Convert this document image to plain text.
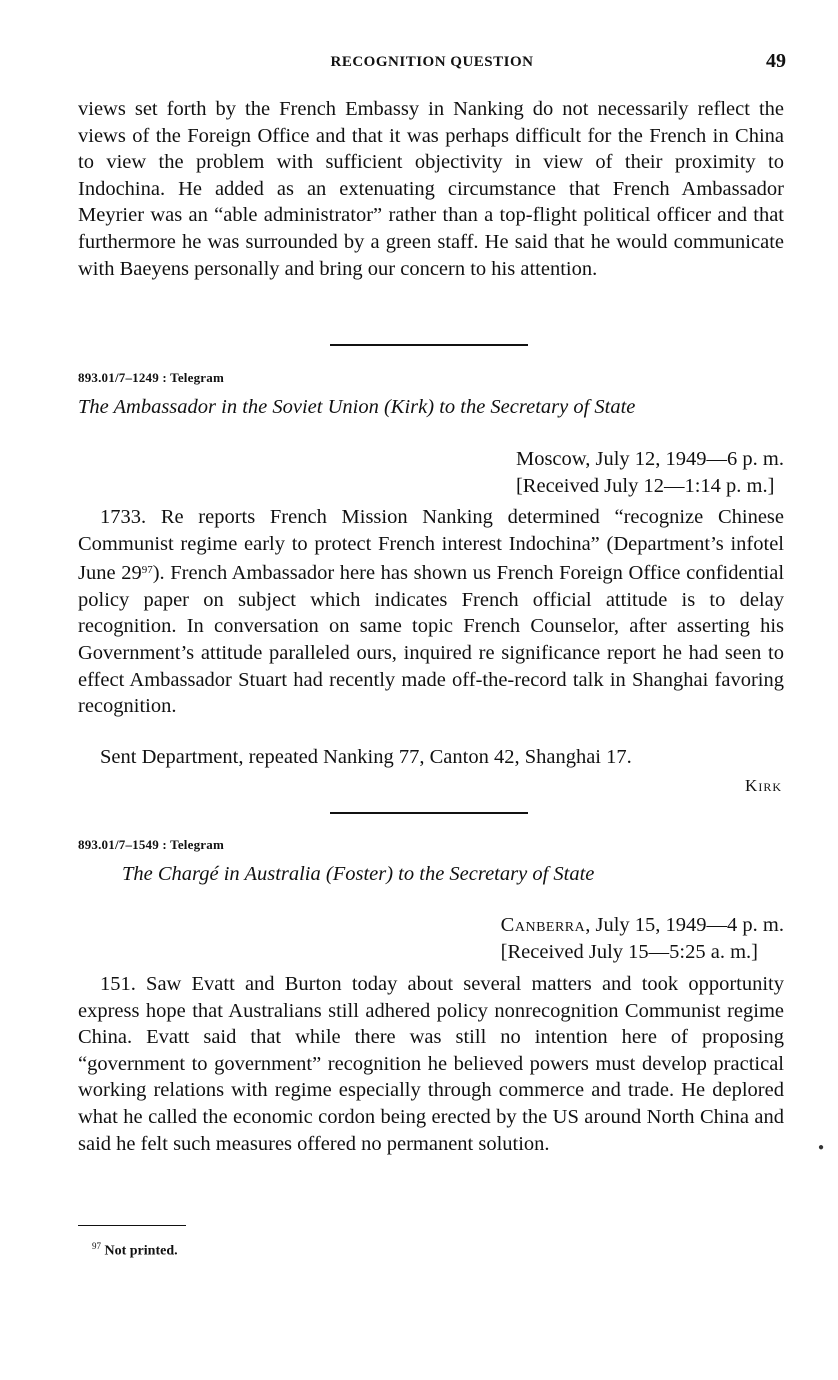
RECOGNITION QUESTION	49

views set forth by the French Embassy in Nanking do not necessarily reflect the views of the Foreign Office and that it was perhaps difficult for the French in China to view the problem with sufficient objectivity in view of their proximity to Indochina. He added as an extenuating circumstance that French Ambassador Meyrier was an “able administrator” rather than a top-flight political officer and that furthermore he was surrounded by a green staff. He said that he would communicate with Baeyens personally and bring our concern to his attention.

893.01/7–1249 : Telegram
The Ambassador in the Soviet Union (Kirk) to the Secretary of State
Moscow, July 12, 1949—6 p. m.
[Received July 12—1:14 p. m.]

1733. Re reports French Mission Nanking determined “recognize Chinese Communist regime early to protect French interest Indochina” (Department’s infotel June $29^{97}$). French Ambassador here has shown us French Foreign Office confidential policy paper on subject which indicates French official attitude is to delay recognition. In conversation on same topic French Counselor, after asserting his Government’s attitude paralleled ours, inquired re significance report he had seen to effect Ambassador Stuart had recently made off-the-record talk in Shanghai favoring recognition.

Sent Department, repeated Nanking 77, Canton 42, Shanghai 17.

Kirk
893.01/7–1549 : Telegram
The Chargé in Australia (Foster) to the Secretary of State
Canberra, July 15, 1949—4 p. m.
[Received July 15—5:25 a. m.]

151. Saw Evatt and Burton today about several matters and took opportunity express hope that Australians still adhered policy nonrecognition Communist regime China. Evatt said that while there was still no intention here of proposing “government to government” recognition he believed powers must develop practical working relations with regime especially through commerce and trade. He deplored what he called the economic cordon being erected by the US around North China and said he felt such measures offered no permanent solution.

$^{97}$ Not printed.
●
